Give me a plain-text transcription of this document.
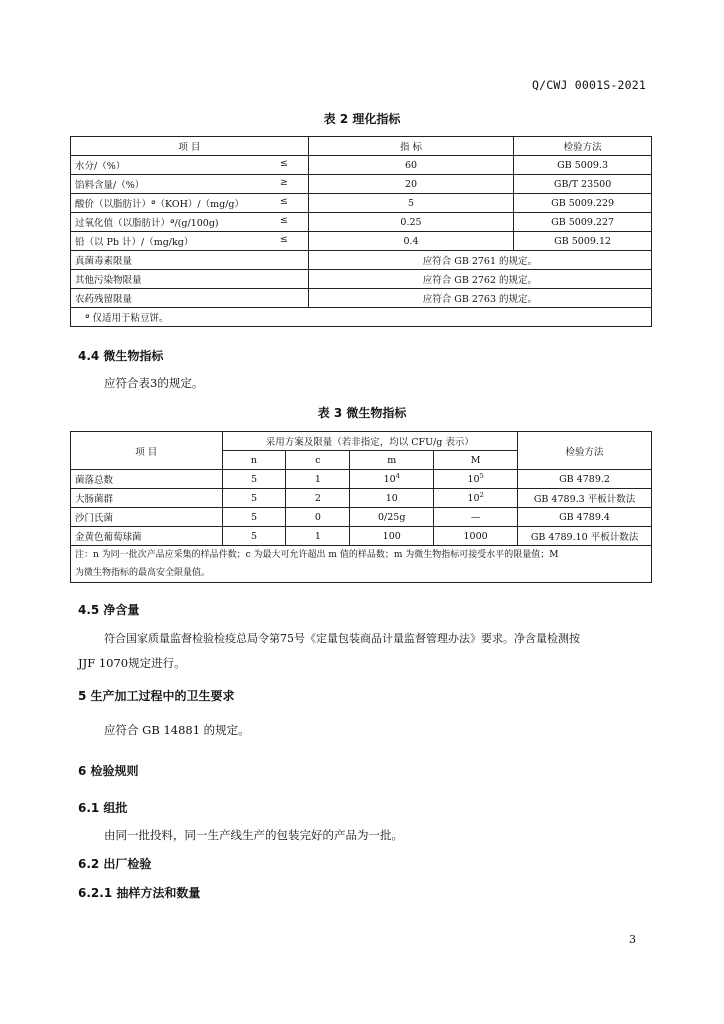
Q/CWJ 0001S-2021
表 2 理化指标
项 目	指 标	检验方法
水分/（%） ≤	60	GB 5009.3
馅料含量/（%） ≥	20	GB/T 23500
酸价（以脂肪计）ª（KOH）/（mg/g） ≤	5	GB 5009.229
过氧化值（以脂肪计）ª/(g/100g) ≤	0.25	GB 5009.227
铅（以 Pb 计）/（mg/kg） ≤	0.4	GB 5009.12
真菌毒素限量	应符合 GB 2761 的规定。	
其他污染物限量	应符合 GB 2762 的规定。	
农药残留限量	应符合 GB 2763 的规定。	
ª 仅适用于粘豆饼。		
4.4 微生物指标
应符合表3的规定。
表 3 微生物指标
项 目	采用方案及限量（若非指定，均以 CFU/g 表示）				检验方法
	n	c	m	M	
菌落总数	5	1	$10^4$	$10^5$	GB 4789.2
大肠菌群	5	2	10	$10^2$	GB 4789.3 平板计数法
沙门氏菌	5	0	0/25g	—	GB 4789.4
金黄色葡萄球菌	5	1	100	1000	GB 4789.10 平板计数法

注：n 为同一批次产品应采集的样品件数；c 为最大可允许超出 m 值的样品数；m 为微生物指标可接受水平的限量值；M
为微生物指标的最高安全限量值。					
4.5 净含量
符合国家质量监督检验检疫总局令第75号《定量包装商品计量监督管理办法》要求。净含量检测按
JJF 1070规定进行。
5 生产加工过程中的卫生要求
应符合 GB 14881 的规定。
6 检验规则
6.1 组批
由同一批投料，同一生产线生产的包装完好的产品为一批。
6.2 出厂检验
6.2.1 抽样方法和数量
3
